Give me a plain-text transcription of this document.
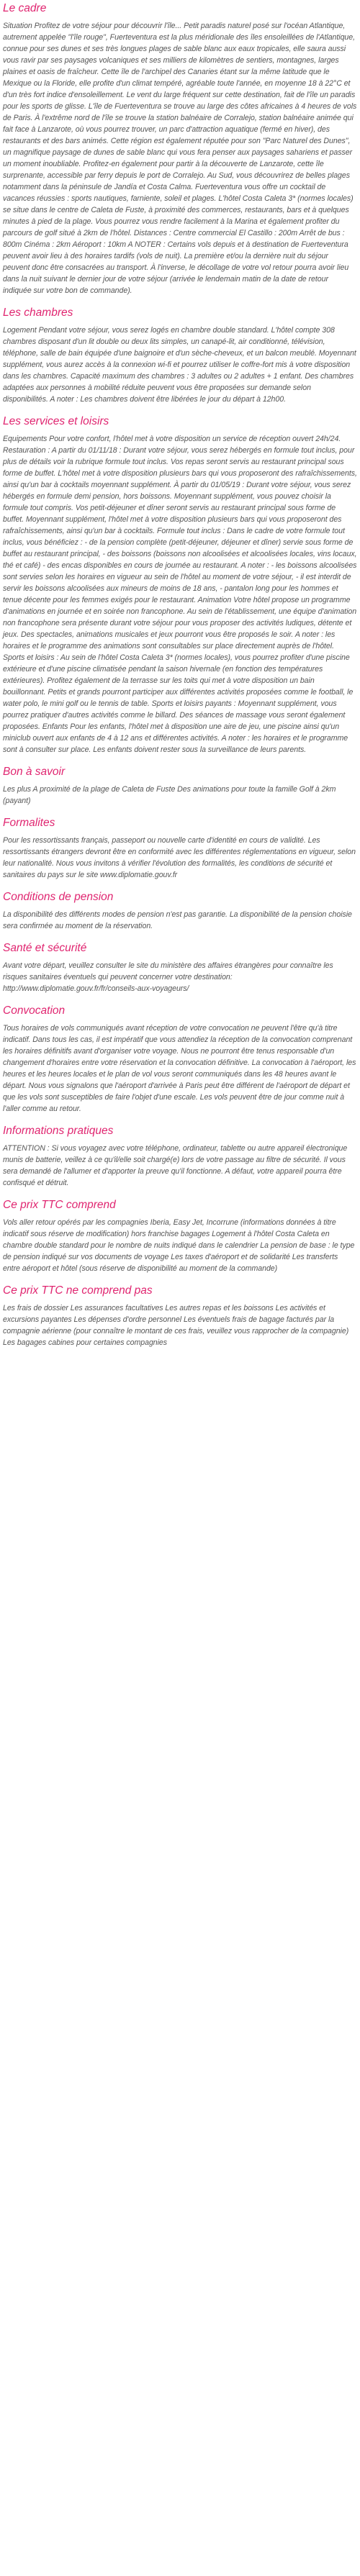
Le cadre

Situation Profitez de votre séjour pour découvrir l'île... Petit paradis naturel posé sur l'océan Atlantique, autrement appelée "l'île rouge", Fuerteventura est la plus méridionale des îles ensoleillées de l'Atlantique, connue pour ses dunes et ses très longues plages de sable blanc aux eaux tropicales, elle saura aussi vous ravir par ses paysages volcaniques et ses milliers de kilomètres de sentiers, montagnes, larges plaines et oasis de fraîcheur. Cette île de l'archipel des Canaries étant sur la même latitude que le Mexique ou la Floride, elle profite d'un climat tempéré, agréable toute l'année, en moyenne 18 à 22°C et d'un très fort indice d'ensoleillement. Le vent du large fréquent sur cette destination, fait de l'île un paradis pour les sports de glisse. L'île de Fuerteventura se trouve au large des côtes africaines à 4 heures de vols de Paris. À l'extrême nord de l'île se trouve la station balnéaire de Corralejo, station balnéaire animée qui fait face à Lanzarote, où vous pourrez trouver, un parc d'attraction aquatique (fermé en hiver), des restaurants et des bars animés. Cette région est également réputée pour son "Parc Naturel des Dunes", un magnifique paysage de dunes de sable blanc qui vous fera penser aux paysages sahariens et passer un moment inoubliable. Profitez-en également pour partir à la découverte de Lanzarote, cette île surprenante, accessible par ferry depuis le port de Corralejo. Au Sud, vous découvrirez de belles plages notamment dans la péninsule de Jandía et Costa Calma. Fuerteventura vous offre un cocktail de vacances réussies : sports nautiques, farniente, soleil et plages. L'hôtel Costa Caleta 3* (normes locales) se situe dans le centre de Caleta de Fuste, à proximité des commerces, restaurants, bars et à quelques minutes à pied de la plage. Vous pourrez vous rendre facilement à la Marina et également profiter du parcours de golf situé à 2km de l'hôtel. Distances : Centre commercial El Castillo : 200m Arrêt de bus : 800m Cinéma : 2km Aéroport : 10km A NOTER : Certains vols depuis et à destination de Fuerteventura peuvent avoir lieu à des horaires tardifs (vols de nuit). La première et/ou la dernière nuit du séjour peuvent donc être consacrées au transport. À l'inverse, le décollage de votre vol retour pourra avoir lieu dans la nuit suivant le dernier jour de votre séjour (arrivée le lendemain matin de la date de retour indiquée sur votre bon de commande).

Les chambres

Logement Pendant votre séjour, vous serez logés en chambre double standard. L'hôtel compte 308 chambres disposant d'un lit double ou deux lits simples, un canapé-lit, air conditionné, télévision, téléphone, salle de bain équipée d'une baignoire et d'un sèche-cheveux, et un balcon meublé. Moyennant supplément, vous aurez accès à la connexion wi-fi et pourrez utiliser le coffre-fort mis à votre disposition dans les chambres. Capacité maximum des chambres : 3 adultes ou 2 adultes + 1 enfant. Des chambres adaptées aux personnes à mobilité réduite peuvent vous être proposées sur demande selon disponibilités. A noter : Les chambres doivent être libérées le jour du départ à 12h00.

Les services et loisirs

Equipements Pour votre confort, l'hôtel met à votre disposition un service de réception ouvert 24h/24. Restauration : A partir du 01/11/18 : Durant votre séjour, vous serez hébergés en formule tout inclus, pour plus de détails voir la rubrique formule tout inclus. Vos repas seront servis au restaurant principal sous forme de buffet. L'hôtel met à votre disposition plusieurs bars qui vous proposeront des rafraîchissements, ainsi qu'un bar à cocktails moyennant supplément. À partir du 01/05/19 : Durant votre séjour, vous serez hébergés en formule demi pension, hors boissons. Moyennant supplément, vous pouvez choisir la formule tout compris. Vos petit-déjeuner et dîner seront servis au restaurant principal sous forme de buffet. Moyennant supplément, l'hôtel met à votre disposition plusieurs bars qui vous proposeront des rafraîchissements, ainsi qu'un bar à cocktails. Formule tout inclus : Dans le cadre de votre formule tout inclus, vous bénéficiez : - de la pension complète (petit-déjeuner, déjeuner et dîner) servie sous forme de buffet au restaurant principal, - des boissons (boissons non alcoolisées et alcoolisées locales, vins locaux, thé et café) - des encas disponibles en cours de journée au restaurant. A noter : - les boissons alcoolisées sont servies selon les horaires en vigueur au sein de l'hôtel au moment de votre séjour, - il est interdit de servir les boissons alcoolisées aux mineurs de moins de 18 ans, - pantalon long pour les hommes et tenue décente pour les femmes exigés pour le restaurant. Animation Votre hôtel propose un programme d'animations en journée et en soirée non francophone. Au sein de l'établissement, une équipe d'animation non francophone sera présente durant votre séjour pour vous proposer des activités ludiques, détente et jeux. Des spectacles, animations musicales et jeux pourront vous être proposés le soir. A noter : les horaires et le programme des animations sont consultables sur place directement auprès de l'hôtel. Sports et loisirs : Au sein de l'hôtel Costa Caleta 3* (normes locales), vous pourrez profiter d'une piscine extérieure et d'une piscine climatisée pendant la saison hivernale (en fonction des températures extérieures). Profitez également de la terrasse sur les toits qui met à votre disposition un bain bouillonnant. Petits et grands pourront participer aux différentes activités proposées comme le football, le water polo, le mini golf ou le tennis de table. Sports et loisirs payants : Moyennant supplément, vous pourrez pratiquer d'autres activités comme le billard. Des séances de massage vous seront également proposées. Enfants Pour les enfants, l'hôtel met à disposition une aire de jeu, une piscine ainsi qu'un miniclub ouvert aux enfants de 4 à 12 ans et différentes activités. A noter : les horaires et le programme sont à consulter sur place. Les enfants doivent rester sous la surveillance de leurs parents.

Bon à savoir

Les plus A proximité de la plage de Caleta de Fuste Des animations pour toute la famille Golf à 2km (payant)

Formalites

Pour les ressortissants français, passeport ou nouvelle carte d'identité en cours de validité. Les ressortissants étrangers devront être en conformité avec les différentes réglementations en vigueur, selon leur nationalité. Nous vous invitons à vérifier l'évolution des formalités, les conditions de sécurité et sanitaires du pays sur le site www.diplomatie.gouv.fr

Conditions de pension

La disponibilité des différents modes de pension n'est pas garantie. La disponibilité de la pension choisie sera confirmée au moment de la réservation.

Santé et sécurité

Avant votre départ, veuillez consulter le site du ministère des affaires étrangères pour connaître les risques sanitaires éventuels qui peuvent concerner votre destination: http://www.diplomatie.gouv.fr/fr/conseils-aux-voyageurs/

Convocation

Tous horaires de vols communiqués avant réception de votre convocation ne peuvent l'être qu'à titre indicatif. Dans tous les cas, il est impératif que vous attendiez la réception de la convocation comprenant les horaires définitifs avant d'organiser votre voyage. Nous ne pourront être tenus responsable d'un changement d'horaires entre votre réservation et la convocation définitive. La convocation à l'aéroport, les heures et les heures locales et le plan de vol vous seront communiqués dans les 48 heures avant le départ. Nous vous signalons que l'aéroport d'arrivée à Paris peut être différent de l'aéroport de départ et que les vols sont susceptibles de faire l'objet d'une escale. Les vols peuvent être de jour comme nuit à l'aller comme au retour.

Informations pratiques

ATTENTION : Si vous voyagez avec votre téléphone, ordinateur, tablette ou autre appareil électronique munis de batterie, veillez à ce qu'il/elle soit chargé(e) lors de votre passage au filtre de sécurité. Il vous sera demandé de l'allumer et d'apporter la preuve qu'il fonctionne. A défaut, votre appareil pourra être confisqué et détruit.

Ce prix TTC comprend

Vols aller retour opérés par les compagnies Iberia, Easy Jet, Incorrune (informations données à titre indicatif sous réserve de modification) hors franchise bagages Logement à l'hôtel Costa Caleta en chambre double standard pour le nombre de nuits indiqué dans le calendrier La pension de base : le type de pension indiqué sur vos documents de voyage Les taxes d'aéroport et de solidarité Les transferts entre aéroport et hôtel (sous réserve de disponibilité au moment de la commande)

Ce prix TTC ne comprend pas

Les frais de dossier Les assurances facultatives Les autres repas et les boissons Les activités et excursions payantes Les dépenses d'ordre personnel Les éventuels frais de bagage facturés par la compagnie aérienne (pour connaître le montant de ces frais, veuillez vous rapprocher de la compagnie) Les bagages cabines pour certaines compagnies
